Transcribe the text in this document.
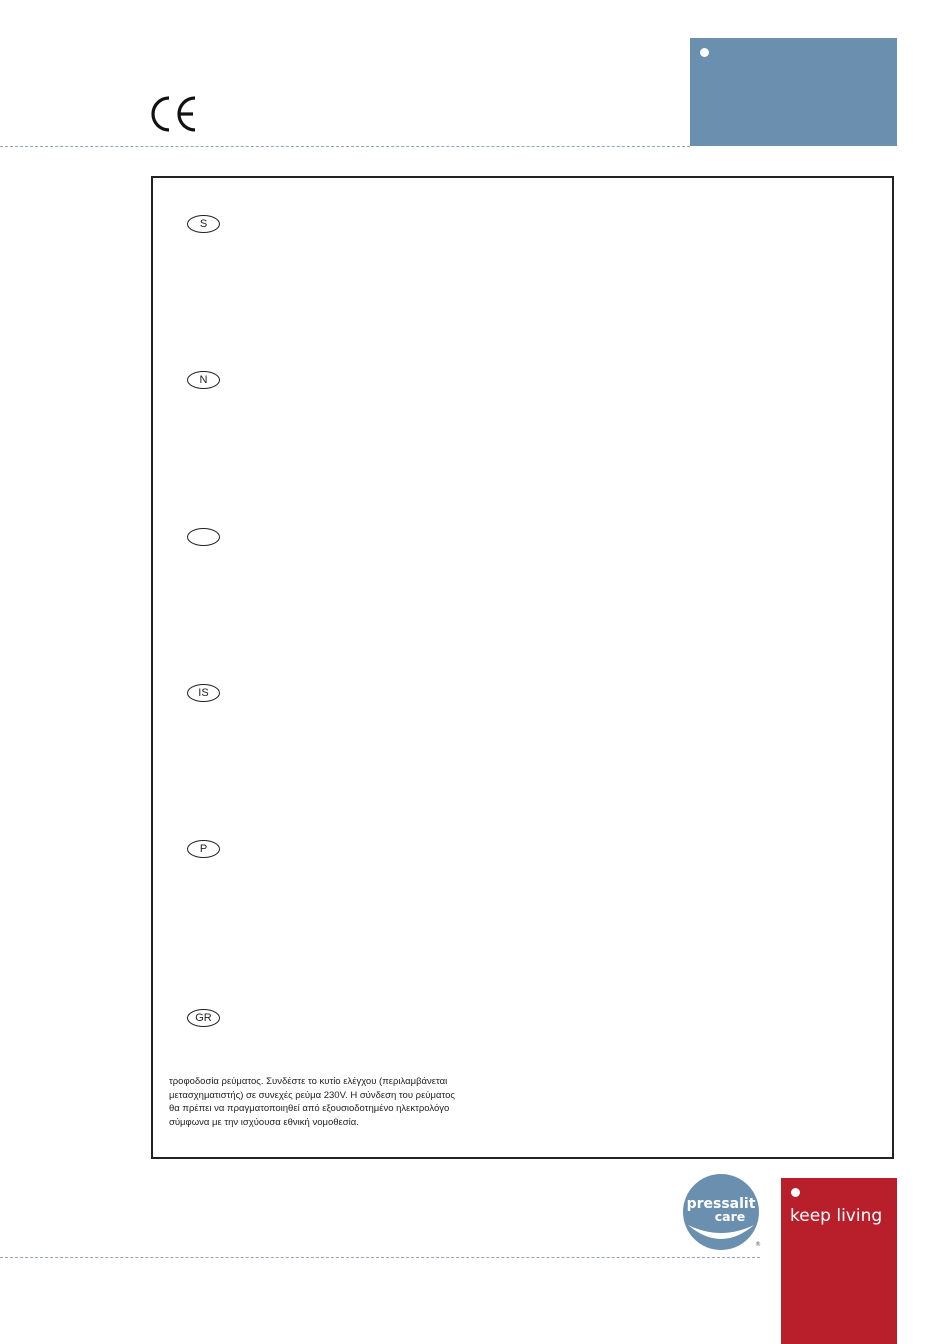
S
N
IS
P
GR

τροφοδοσία ρεύματος. Συνδέστε το κυτίο ελέγχου (περιλαμβάνεται
μετασχηματιστής) σε συνεχές ρεύμα 230V. Η σύνδεση του ρεύματος
θα πρέπει να πραγματοποιηθεί από εξουσιοδοτημένο ηλεκτρολόγο
σύμφωνα με την ισχύουσα εθνική νομοθεσία.

pressalit
care
®
keep living
